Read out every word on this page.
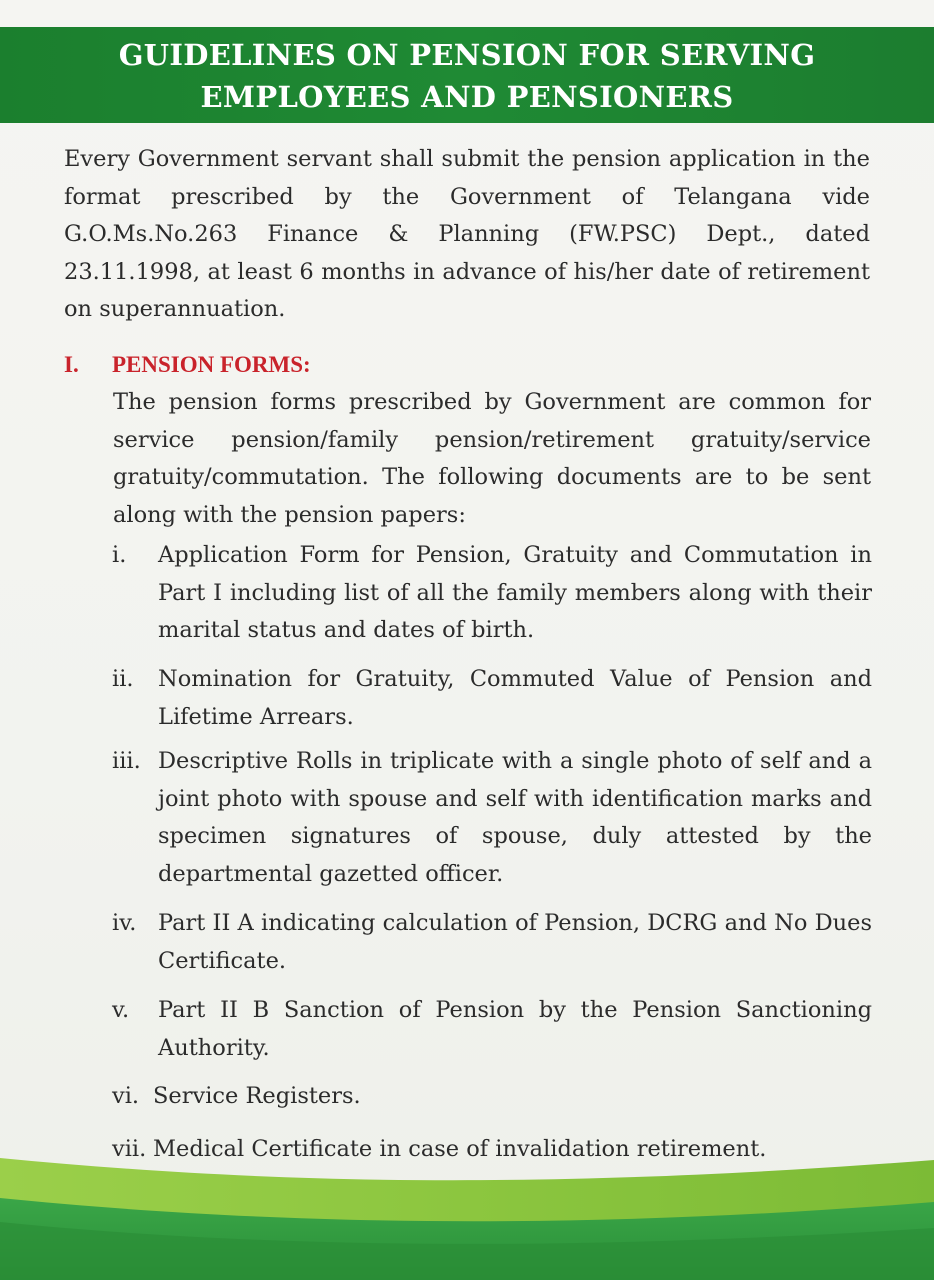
GUIDELINES ON PENSION FOR SERVING
EMPLOYEES AND PENSIONERS

Every Government servant shall submit the pension application in the format prescribed by the Government of Telangana vide G.O.Ms.No.263 Finance & Planning (FW.PSC) Dept., dated 23.11.1998, at least 6 months in advance of his/her date of retirement on superannuation.

I. PENSION FORMS:

The pension forms prescribed by Government are common for service pension/family pension/retirement gratuity/service gratuity/commutation. The following documents are to be sent along with the pension papers:

i. Application Form for Pension, Gratuity and Commutation in Part I including list of all the family members along with their marital status and dates of birth.
ii. Nomination for Gratuity, Commuted Value of Pension and Lifetime Arrears.
iii. Descriptive Rolls in triplicate with a single photo of self and a joint photo with spouse and self with identification marks and specimen signatures of spouse, duly attested by the departmental gazetted officer.
iv. Part II A indicating calculation of Pension, DCRG and No Dues Certificate.
v. Part II B Sanction of Pension by the Pension Sanctioning Authority.
vi. Service Registers.
vii. Medical Certificate in case of invalidation retirement.
